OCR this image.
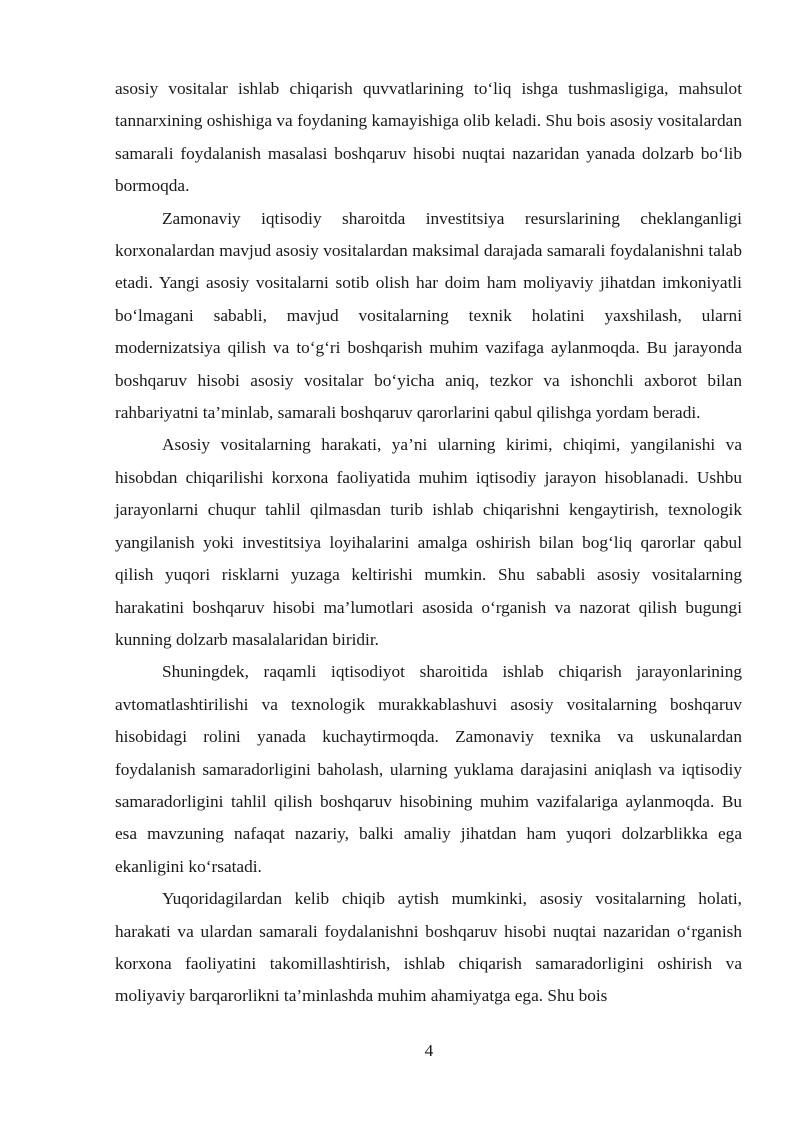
asosiy vositalar ishlab chiqarish quvvatlarining to‘liq ishga tushmasligiga, mahsulot tannarxining oshishiga va foydaning kamayishiga olib keladi. Shu bois asosiy vositalardan samarali foydalanish masalasi boshqaruv hisobi nuqtai nazaridan yanada dolzarb bo‘lib bormoqda.

Zamonaviy iqtisodiy sharoitda investitsiya resurslarining cheklanganligi korxonalardan mavjud asosiy vositalardan maksimal darajada samarali foydalanishni talab etadi. Yangi asosiy vositalarni sotib olish har doim ham moliyaviy jihatdan imkoniyatli bo‘lmagani sababli, mavjud vositalarning texnik holatini yaxshilash, ularni modernizatsiya qilish va to‘g‘ri boshqarish muhim vazifaga aylanmoqda. Bu jarayonda boshqaruv hisobi asosiy vositalar bo‘yicha aniq, tezkor va ishonchli axborot bilan rahbariyatni ta’minlab, samarali boshqaruv qarorlarini qabul qilishga yordam beradi.

Asosiy vositalarning harakati, ya’ni ularning kirimi, chiqimi, yangilanishi va hisobdan chiqarilishi korxona faoliyatida muhim iqtisodiy jarayon hisoblanadi. Ushbu jarayonlarni chuqur tahlil qilmasdan turib ishlab chiqarishni kengaytirish, texnologik yangilanish yoki investitsiya loyihalarini amalga oshirish bilan bog‘liq qarorlar qabul qilish yuqori risklarni yuzaga keltirishi mumkin. Shu sababli asosiy vositalarning harakatini boshqaruv hisobi ma’lumotlari asosida o‘rganish va nazorat qilish bugungi kunning dolzarb masalalaridan biridir.

Shuningdek, raqamli iqtisodiyot sharoitida ishlab chiqarish jarayonlarining avtomatlashtirilishi va texnologik murakkablashuvi asosiy vositalarning boshqaruv hisobidagi rolini yanada kuchaytirmoqda. Zamonaviy texnika va uskunalardan foydalanish samaradorligini baholash, ularning yuklama darajasini aniqlash va iqtisodiy samaradorligini tahlil qilish boshqaruv hisobining muhim vazifalariga aylanmoqda. Bu esa mavzuning nafaqat nazariy, balki amaliy jihatdan ham yuqori dolzarblikka ega ekanligini ko‘rsatadi.

Yuqoridagilardan kelib chiqib aytish mumkinki, asosiy vositalarning holati, harakati va ulardan samarali foydalanishni boshqaruv hisobi nuqtai nazaridan o‘rganish korxona faoliyatini takomillashtirish, ishlab chiqarish samaradorligini oshirish va moliyaviy barqarorlikni ta’minlashda muhim ahamiyatga ega. Shu bois

4
